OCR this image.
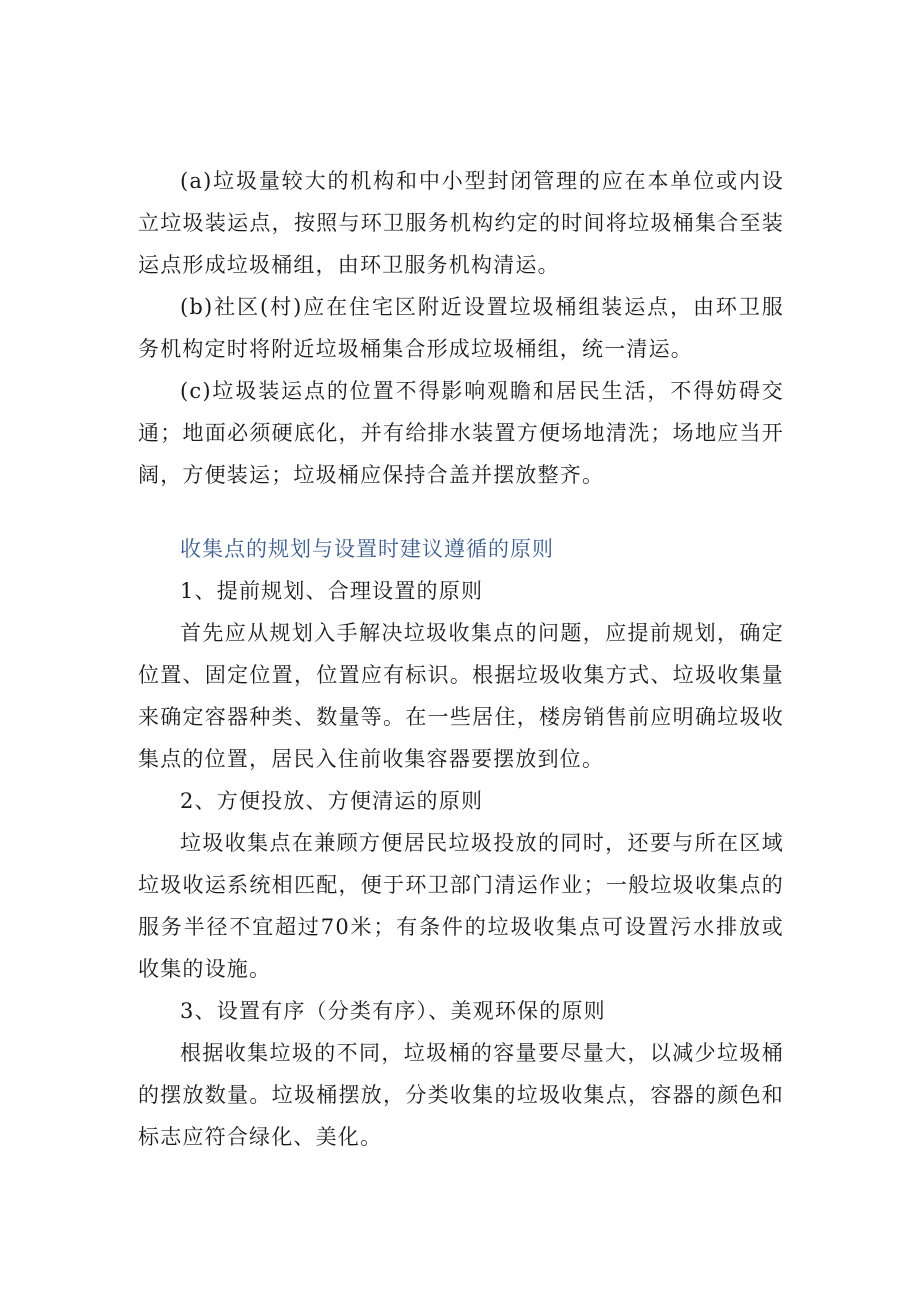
(a)垃圾量较大的机构和中小型封闭管理的应在本单位或内设立垃圾装运点，按照与环卫服务机构约定的时间将垃圾桶集合至装运点形成垃圾桶组，由环卫服务机构清运。

(b)社区(村)应在住宅区附近设置垃圾桶组装运点，由环卫服务机构定时将附近垃圾桶集合形成垃圾桶组，统一清运。

(c)垃圾装运点的位置不得影响观瞻和居民生活，不得妨碍交通；地面必须硬底化，并有给排水装置方便场地清洗；场地应当开阔，方便装运；垃圾桶应保持合盖并摆放整齐。

收集点的规划与设置时建议遵循的原则

1、提前规划、合理设置的原则

首先应从规划入手解决垃圾收集点的问题，应提前规划，确定位置、固定位置，位置应有标识。根据垃圾收集方式、垃圾收集量来确定容器种类、数量等。在一些居住，楼房销售前应明确垃圾收集点的位置，居民入住前收集容器要摆放到位。

2、方便投放、方便清运的原则

垃圾收集点在兼顾方便居民垃圾投放的同时，还要与所在区域垃圾收运系统相匹配，便于环卫部门清运作业；一般垃圾收集点的服务半径不宜超过70米；有条件的垃圾收集点可设置污水排放或收集的设施。

3、设置有序（分类有序）、美观环保的原则

根据收集垃圾的不同，垃圾桶的容量要尽量大，以减少垃圾桶的摆放数量。垃圾桶摆放，分类收集的垃圾收集点，容器的颜色和标志应符合绿化、美化。
